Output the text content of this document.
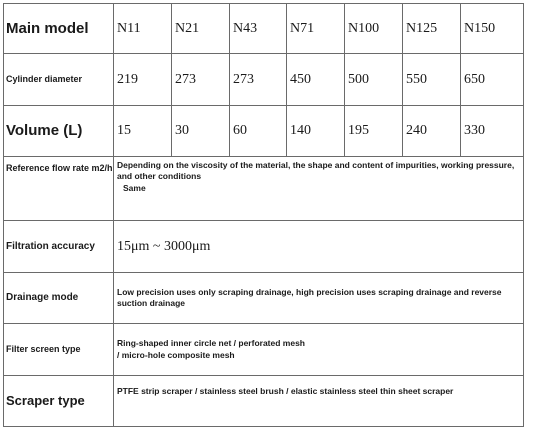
Main model	N11	N21	N43	N71	N100	N125	N150
Cylinder diameter	219	273	273	450	500	550	650
Volume (L)	15	30	60	140	195	240	330
Reference flow rate m2/h	Depending on the viscosity of the material, the shape and content of impurities, working pressure, and other conditions
Same						

Filtration accuracy	15μm ~ 3000μm						
Drainage mode	Low precision uses only scraping drainage, high precision uses scraping drainage and reverse suction drainage						
Filter screen type	Ring-shaped inner circle net / perforated mesh
/ micro-hole composite mesh						

Scraper type	PTFE strip scraper / stainless steel brush / elastic stainless steel thin sheet scraper						
